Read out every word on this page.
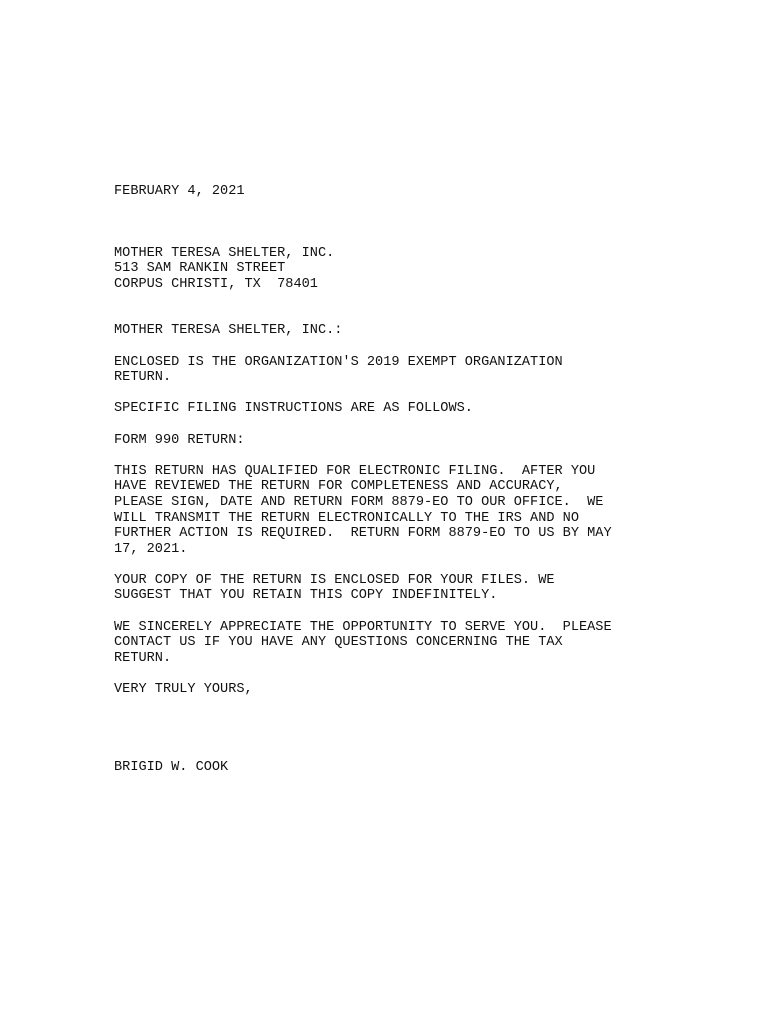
FEBRUARY 4, 2021
MOTHER TERESA SHELTER, INC.
513 SAM RANKIN STREET
CORPUS CHRISTI, TX  78401
MOTHER TERESA SHELTER, INC.:
ENCLOSED IS THE ORGANIZATION'S 2019 EXEMPT ORGANIZATION
RETURN.
SPECIFIC FILING INSTRUCTIONS ARE AS FOLLOWS.
FORM 990 RETURN:
THIS RETURN HAS QUALIFIED FOR ELECTRONIC FILING.  AFTER YOU
HAVE REVIEWED THE RETURN FOR COMPLETENESS AND ACCURACY,
PLEASE SIGN, DATE AND RETURN FORM 8879-EO TO OUR OFFICE.  WE
WILL TRANSMIT THE RETURN ELECTRONICALLY TO THE IRS AND NO
FURTHER ACTION IS REQUIRED.  RETURN FORM 8879-EO TO US BY MAY
17, 2021.
YOUR COPY OF THE RETURN IS ENCLOSED FOR YOUR FILES. WE
SUGGEST THAT YOU RETAIN THIS COPY INDEFINITELY.
WE SINCERELY APPRECIATE THE OPPORTUNITY TO SERVE YOU.  PLEASE
CONTACT US IF YOU HAVE ANY QUESTIONS CONCERNING THE TAX
RETURN.
VERY TRULY YOURS,
BRIGID W. COOK
